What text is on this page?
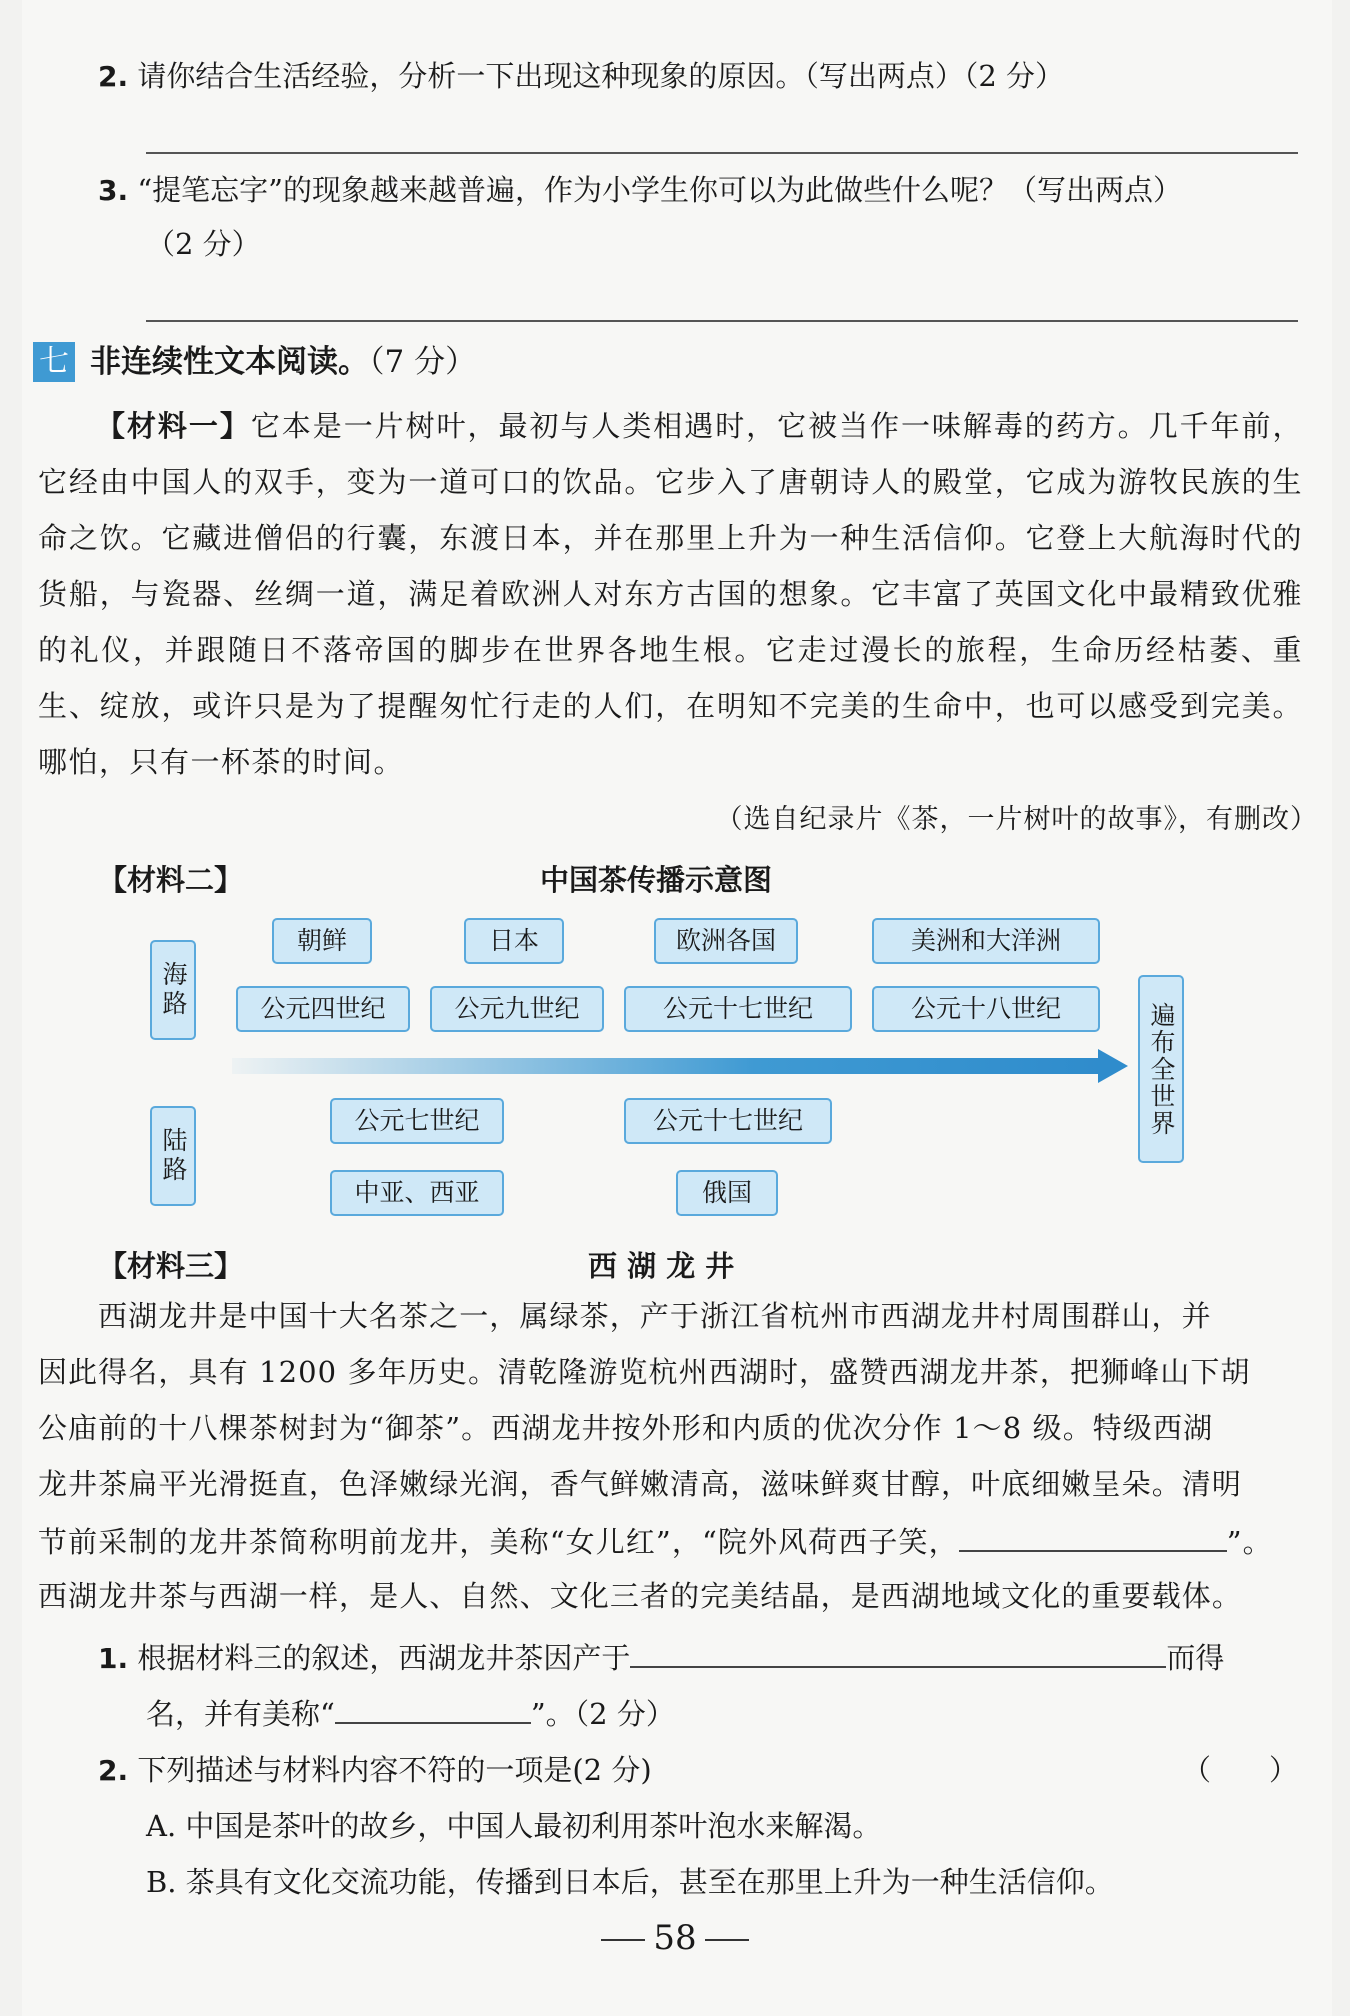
2. 请你结合生活经验，分析一下出现这种现象的原因。（写出两点）（2 分）
3. “提笔忘字”的现象越来越普遍，作为小学生你可以为此做些什么呢？（写出两点）
（2 分）
七 非连续性文本阅读。（7 分）
【材料一】它本是一片树叶，最初与人类相遇时，它被当作一味解毒的药方。几千年前，它经由中国人的双手，变为一道可口的饮品。它步入了唐朝诗人的殿堂，它成为游牧民族的生命之饮。它藏进僧侣的行囊，东渡日本，并在那里上升为一种生活信仰。它登上大航海时代的货船，与瓷器、丝绸一道，满足着欧洲人对东方古国的想象。它丰富了英国文化中最精致优雅的礼仪，并跟随日不落帝国的脚步在世界各地生根。它走过漫长的旅程，生命历经枯萎、重生、绽放，或许只是为了提醒匆忙行走的人们，在明知不完美的生命中，也可以感受到完美。哪怕，只有一杯茶的时间。
（选自纪录片《茶，一片树叶的故事》，有删改）
【材料二】	中国茶传播示意图
海路
陆路
遍布全世界
朝鲜	日本	欧洲各国	美洲和大洋洲
公元四世纪	公元九世纪	公元十七世纪	公元十八世纪
公元七世纪	公元十七世纪
中亚、西亚	俄国
【材料三】	西 湖 龙 井
西湖龙井是中国十大名茶之一，属绿茶，产于浙江省杭州市西湖龙井村周围群山，并
因此得名，具有 1200 多年历史。清乾隆游览杭州西湖时，盛赞西湖龙井茶，把狮峰山下胡
公庙前的十八棵茶树封为“御茶”。西湖龙井按外形和内质的优次分作 1～8 级。特级西湖
龙井茶扁平光滑挺直，色泽嫩绿光润，香气鲜嫩清高，滋味鲜爽甘醇，叶底细嫩呈朵。清明
节前采制的龙井茶简称明前龙井，美称“女儿红”，“院外风荷西子笑，	”。
西湖龙井茶与西湖一样，是人、自然、文化三者的完美结晶，是西湖地域文化的重要载体。
1. 根据材料三的叙述，西湖龙井茶因产于	而得
名，并有美称“	”。（2 分）
2. 下列描述与材料内容不符的一项是(2 分)	（　　）
A. 中国是茶叶的故乡，中国人最初利用茶叶泡水来解渴。
B. 茶具有文化交流功能，传播到日本后，甚至在那里上升为一种生活信仰。
58
